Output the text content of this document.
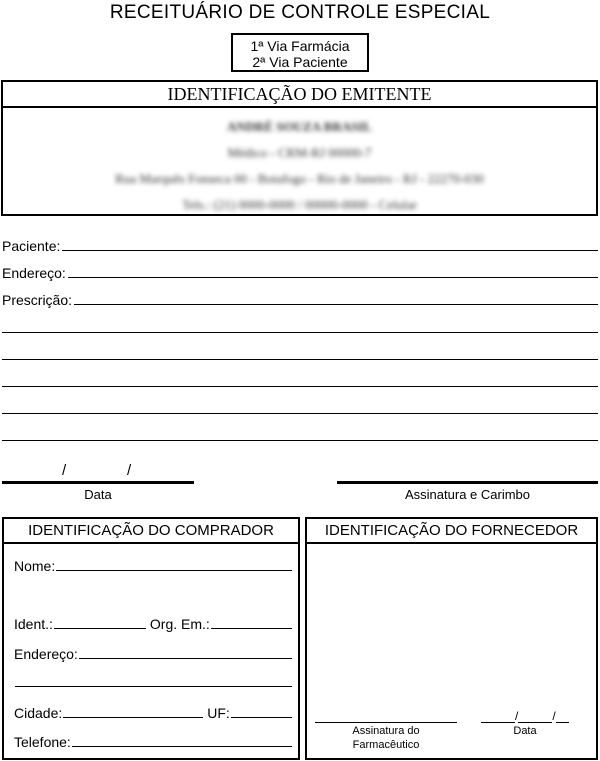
RECEITUÁRIO DE CONTROLE ESPECIAL
1ª Via Farmácia
2ª Via Paciente
IDENTIFICAÇÃO DO EMITENTE
ANDRÉ SOUZA BRASIL
Médico - CRM-RJ 00000-7
Rua Marquês Fonseca 00 - Botafogo - Rio de Janeiro - RJ - 22270-030
Tels.: (21) 0000-0000 / 00000-0000 - Celular
Paciente:
Endereço:
Prescrição:
/	/
Data	Assinatura e Carimbo
IDENTIFICAÇÃO DO COMPRADOR
Nome:
Ident.:	Org. Em.:
Endereço:
Cidade:	UF:
Telefone:
IDENTIFICAÇÃO DO FORNECEDOR
Assinatura do
Farmacêutico
/	/
Data
